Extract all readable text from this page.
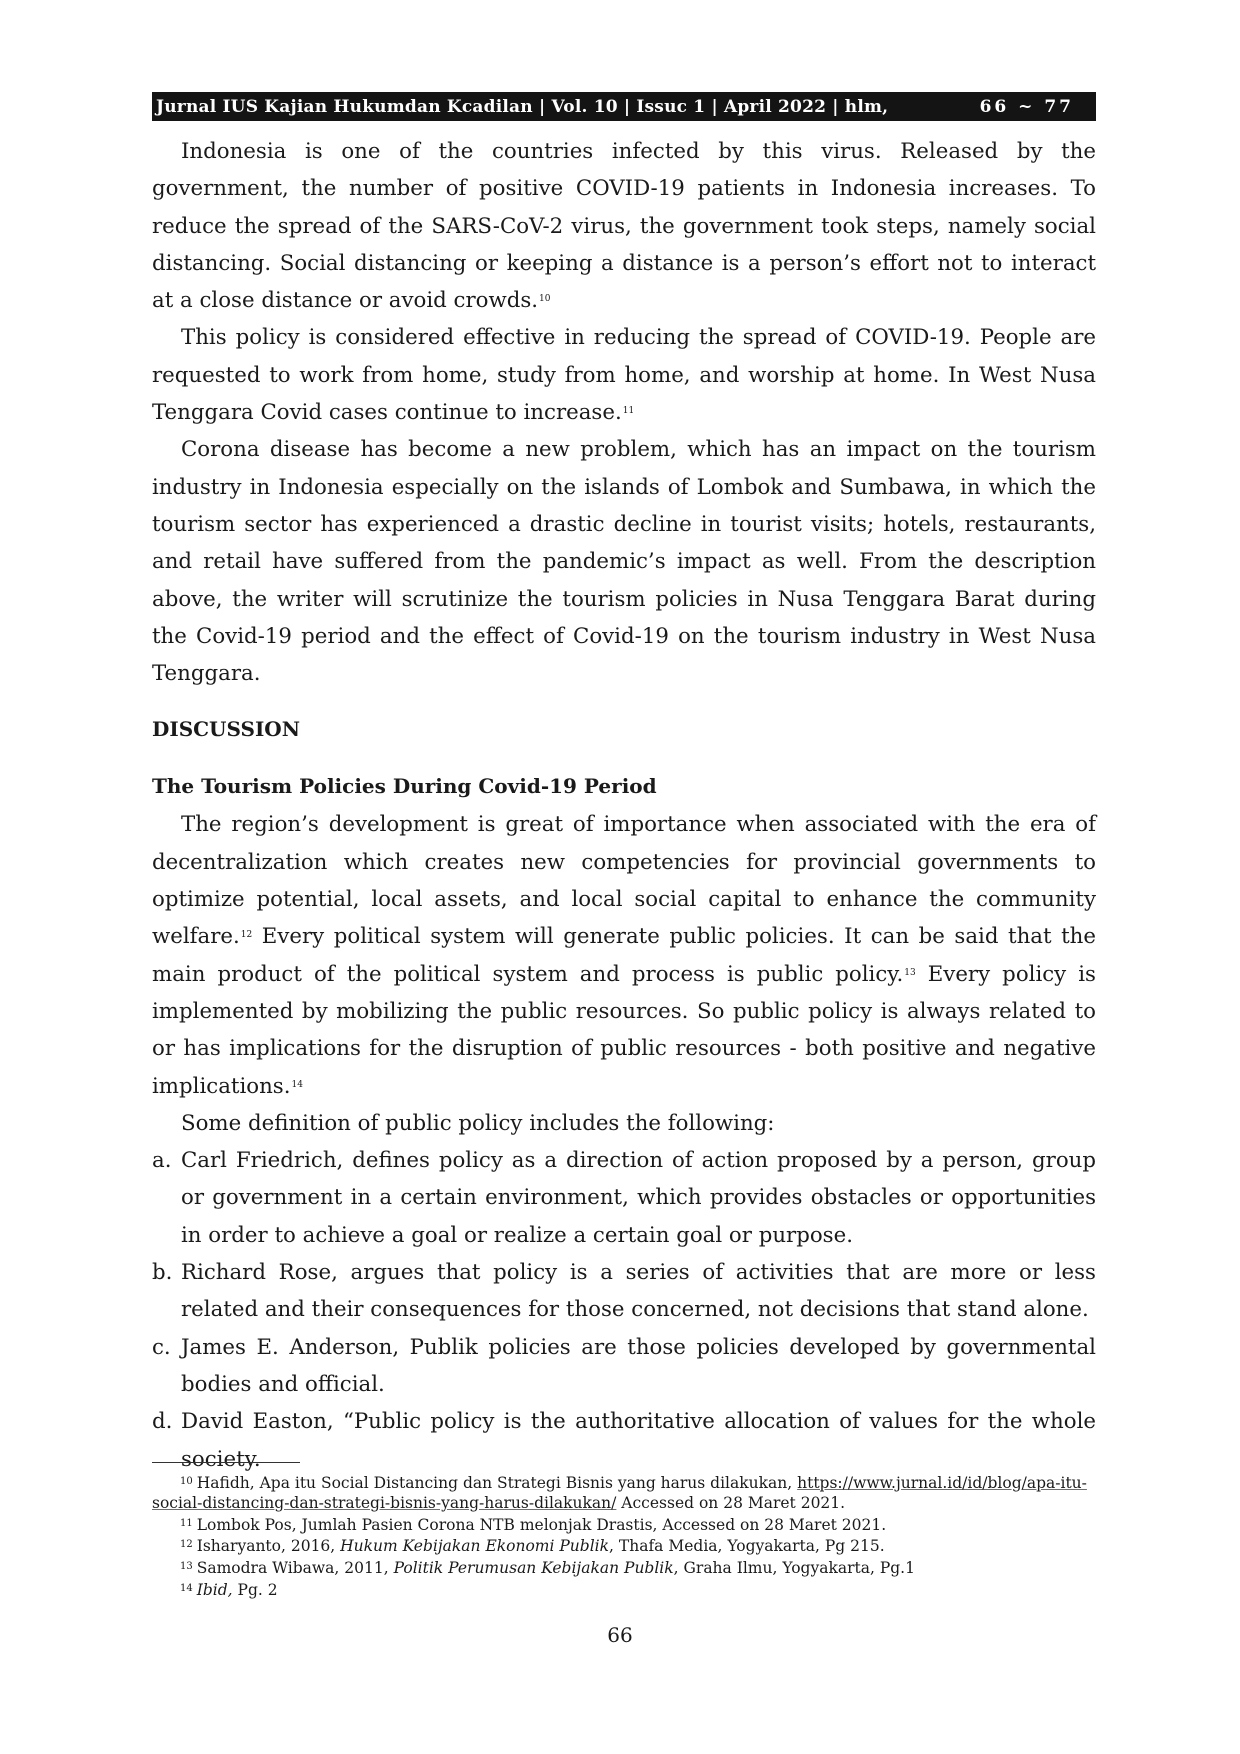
Jurnal IUS Kajian Hukumdan Kcadilan | Vol. 10 | Issuc 1 | April 2022 | hlm,	66 ~ 77

Indonesia is one of the countries infected by this virus. Released by the government, the number of positive COVID-19 patients in Indonesia increases. To reduce the spread of the SARS-CoV-2 virus, the government took steps, namely social distancing. Social distancing or keeping a distance is a person’s effort not to interact at a close distance or avoid crowds.$^{10}$

This policy is considered effective in reducing the spread of COVID-19. People are requested to work from home, study from home, and worship at home. In West Nusa Tenggara Covid cases continue to increase.$^{11}$

Corona disease has become a new problem, which has an impact on the tourism industry in Indonesia especially on the islands of Lombok and Sumbawa, in which the tourism sector has experienced a drastic decline in tourist visits; hotels, restaurants, and retail have suffered from the pandemic’s impact as well. From the description above, the writer will scrutinize the tourism policies in Nusa Tenggara Barat during the Covid-19 period and the effect of Covid-19 on the tourism industry in West Nusa Tenggara.

DISCUSSION
The Tourism Policies During Covid-19 Period

The region’s development is great of importance when associated with the era of decentralization which creates new competencies for provincial governments to optimize potential, local assets, and local social capital to enhance the community welfare.$^{12}$ Every political system will generate public policies. It can be said that the main product of the political system and process is public policy.$^{13}$ Every policy is implemented by mobilizing the public resources. So public policy is always related to or has implications for the disruption of public resources - both positive and negative implications.$^{14}$

Some definition of public policy includes the following:

a. Carl Friedrich, defines policy as a direction of action proposed by a person, group or government in a certain environment, which provides obstacles or opportunities in order to achieve a goal or realize a certain goal or purpose.
b. Richard Rose, argues that policy is a series of activities that are more or less related and their consequences for those concerned, not decisions that stand alone.
c. James E. Anderson, Publik policies are those policies developed by governmental bodies and official.
d. David Easton, “Public policy is the authoritative allocation of values for the whole society.
$^{10}$ Hafidh, Apa itu Social Distancing dan Strategi Bisnis yang harus dilakukan, https://www.jurnal.id/id/blog/apa-itu-social-distancing-dan-strategi-bisnis-yang-harus-dilakukan/ Accessed on 28 Maret 2021.
$^{11}$ Lombok Pos, Jumlah Pasien Corona NTB melonjak Drastis, Accessed on 28 Maret 2021.
$^{12}$ Isharyanto, 2016, Hukum Kebijakan Ekonomi Publik, Thafa Media, Yogyakarta, Pg 215.
$^{13}$ Samodra Wibawa, 2011, Politik Perumusan Kebijakan Publik, Graha Ilmu, Yogyakarta, Pg.1
$^{14}$ Ibid, Pg. 2
66
